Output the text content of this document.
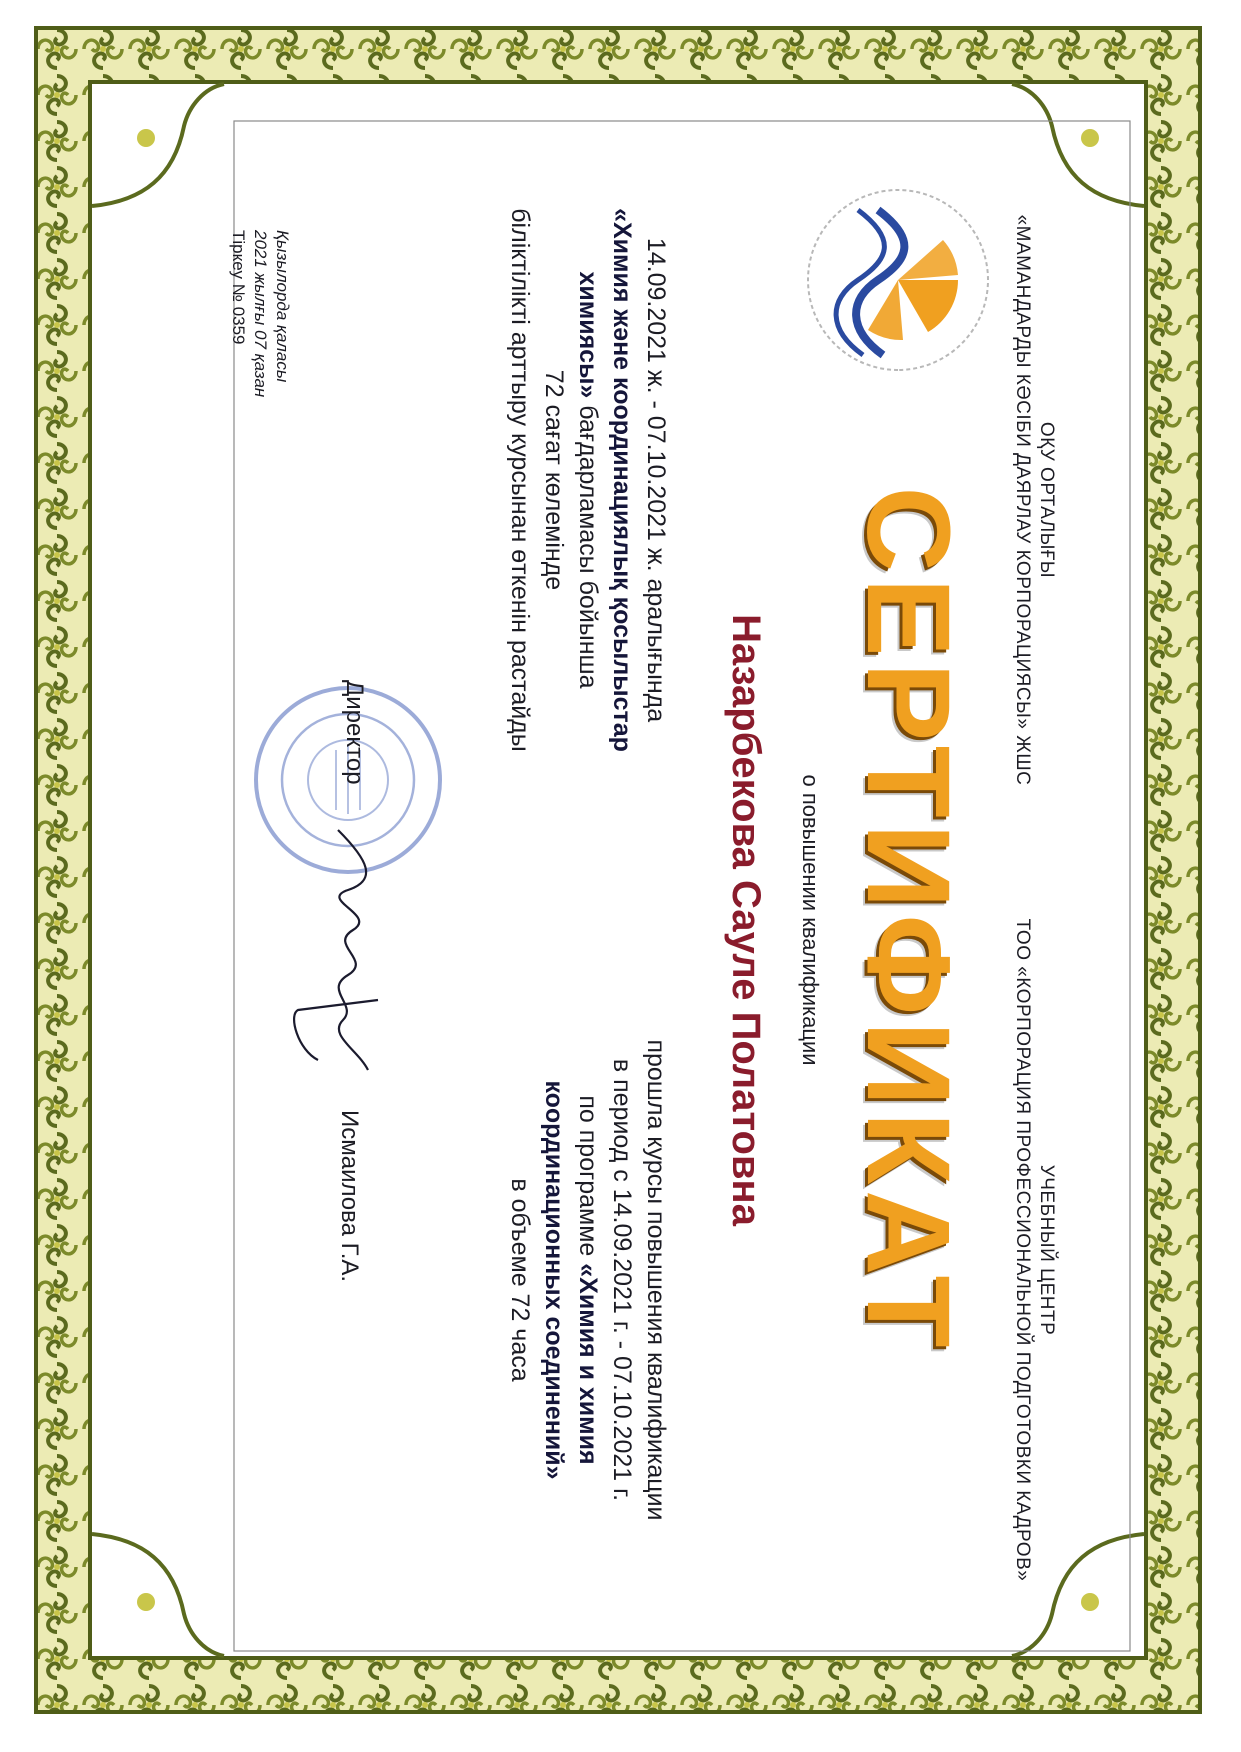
ОҚУ ОРТАЛЫҒЫ
«МАМАНДАРДЫ КӘСІБИ ДАЯРЛАУ КОРПОРАЦИЯСЫ» ЖШС
УЧЕБНЫЙ ЦЕНТР
ТОО «КОРПОРАЦИЯ ПРОФЕССИОНАЛЬНОЙ ПОДГОТОВКИ КАДРОВ»
СЕРТИФИКАТ
о повышении квалификации
Назарбекова Сауле Полатовна
14.09.2021 ж. - 07.10.2021 ж. аралығында
«Химия және координациялық қосылыстар
химиясы» бағдарламасы бойынша
72 сағат көлемінде
біліктілікті арттыру курсынан өткенін растайды
прошла курсы повышения квалификации
в период с 14.09.2021 г. - 07.10.2021 г.
по программе «Химия и химия
координационных соединений»
в объеме 72 часа
Директор
Исмаилова Г.А.
Қызылорда қаласы
2021 жылғы 07 қазан
Тіркеу № 0359
